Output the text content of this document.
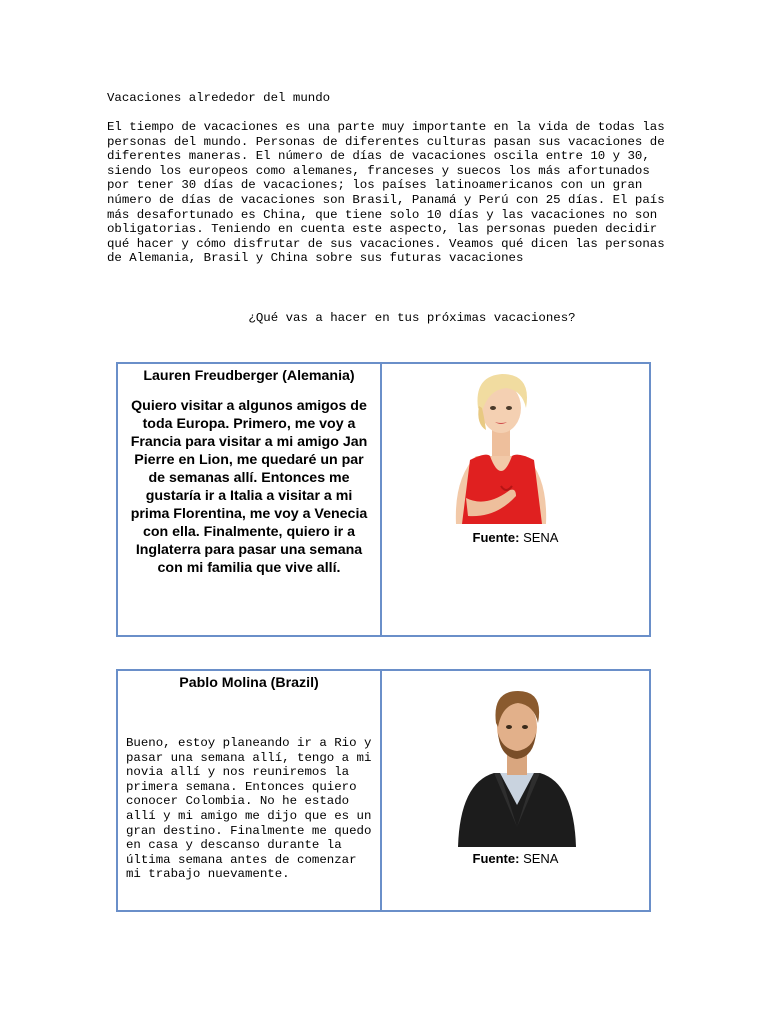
Vacaciones alrededor del mundo
El tiempo de vacaciones es una parte muy importante en la vida de todas las personas del mundo. Personas de diferentes culturas pasan sus vacaciones de diferentes maneras. El número de días de vacaciones oscila entre 10 y 30, siendo los europeos como alemanes, franceses y suecos los más afortunados por tener 30 días de vacaciones; los países latinoamericanos con un gran número de días de vacaciones son Brasil, Panamá y Perú con 25 días. El país más desafortunado es China, que tiene solo 10 días y las vacaciones no son obligatorias. Teniendo en cuenta este aspecto, las personas pueden decidir qué hacer y cómo disfrutar de sus vacaciones. Veamos qué dicen las personas de Alemania, Brasil y China sobre sus futuras vacaciones
¿Qué vas a hacer en tus próximas vacaciones?
Lauren Freudberger (Alemania)
Quiero visitar a algunos amigos de toda Europa. Primero, me voy a Francia para visitar a mi amigo Jan Pierre en Lion, me quedaré un par de semanas allí. Entonces me gustaría ir a Italia a visitar a mi prima Florentina, me voy a Venecia con ella. Finalmente, quiero ir a Inglaterra para pasar una semana con mi familia que vive allí.
Fuente: SENA
Pablo Molina (Brazil)
Bueno, estoy planeando ir a Rio y pasar una semana allí, tengo a mi novia allí y nos reuniremos la primera semana. Entonces quiero conocer Colombia. No he estado allí y mi amigo me dijo que es un gran destino. Finalmente me quedo en casa y descanso durante la última semana antes de comenzar mi trabajo nuevamente.
Fuente: SENA
